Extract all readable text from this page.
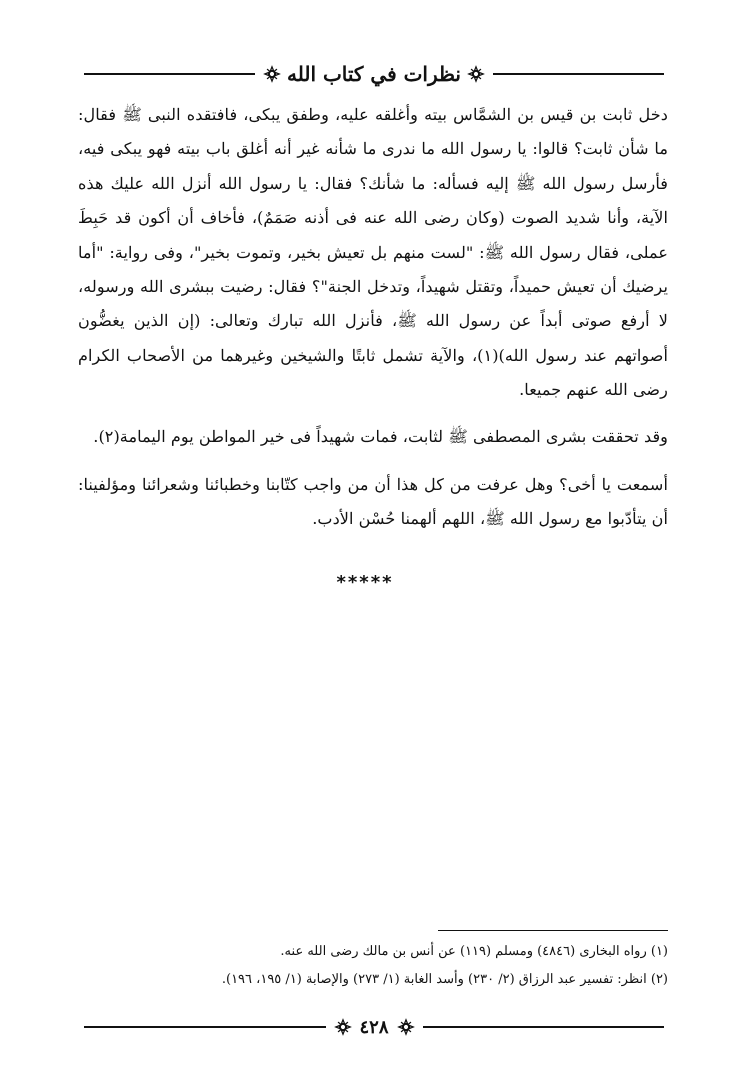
نظرات في كتاب الله

دخل ثابت بن قيس بن الشمَّاس بيته وأغلقه عليه، وطفق يبكى، فافتقده النبى ﷺ فقال: ما شأن ثابت؟ قالوا: يا رسول الله ما ندرى ما شأنه غير أنه أغلق باب بيته فهو يبكى فيه، فأرسل رسول الله ﷺ إليه فسأله: ما شأنك؟ فقال: يا رسول الله أنزل الله عليك هذه الآية، وأنا شديد الصوت (وكان رضى الله عنه فى أذنه صَمَمٌ)، فأخاف أن أكون قد حَبِطَ عملى، فقال رسول الله ﷺ: "لست منهم بل تعيش بخير، وتموت بخير"، وفى رواية: "أما يرضيك أن تعيش حميداً، وتقتل شهيداً، وتدخل الجنة"؟ فقال: رضيت ببشرى الله ورسوله، لا أرفع صوتى أبداً عن رسول الله ﷺ، فأنزل الله تبارك وتعالى: (إن الذين يغضُّون أصواتهم عند رسول الله)(١)، والآية تشمل ثابتًا والشيخين وغيرهما من الأصحاب الكرام رضى الله عنهم جميعا.

وقد تحققت بشرى المصطفى ﷺ لثابت، فمات شهيداً فى خير المواطن يوم اليمامة(٢).

أسمعت يا أخى؟ وهل عرفت من كل هذا أن من واجب كتّابنا وخطبائنا وشعرائنا ومؤلفينا: أن يتأدّبوا مع رسول الله ﷺ، اللهم ألهمنا حُسْن الأدب.

*****
(١) رواه البخارى (٤٨٤٦) ومسلم (١١٩) عن أنس بن مالك رضى الله عنه.
(٢) انظر: تفسير عبد الرزاق (٢/ ٢٣٠) وأسد الغابة (١/ ٢٧٣) والإصابة (١/ ١٩٥، ١٩٦).
٤٢٨
